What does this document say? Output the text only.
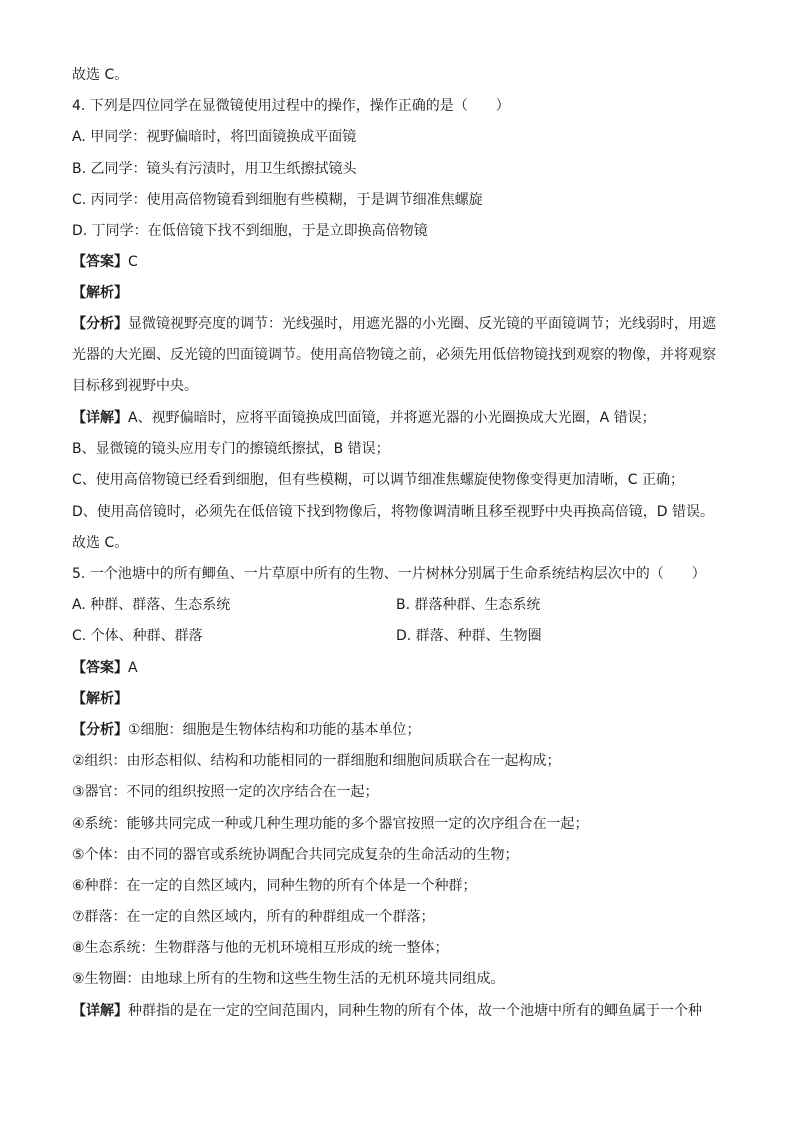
故选 C。
4. 下列是四位同学在显微镜使用过程中的操作，操作正确的是（　　）
A. 甲同学：视野偏暗时，将凹面镜换成平面镜
B. 乙同学：镜头有污渍时，用卫生纸擦拭镜头
C. 丙同学：使用高倍物镜看到细胞有些模糊，于是调节细准焦螺旋
D. 丁同学：在低倍镜下找不到细胞，于是立即换高倍物镜
【答案】C
【解析】
【分析】显微镜视野亮度的调节：光线强时，用遮光器的小光圈、反光镜的平面镜调节；光线弱时，用遮光器的大光圈、反光镜的凹面镜调节。使用高倍物镜之前，必须先用低倍物镜找到观察的物像，并将观察目标移到视野中央。
【详解】A、视野偏暗时，应将平面镜换成凹面镜，并将遮光器的小光圈换成大光圈，A 错误；
B、显微镜的镜头应用专门的擦镜纸擦拭，B 错误；
C、使用高倍物镜已经看到细胞，但有些模糊，可以调节细准焦螺旋使物像变得更加清晰，C 正确；
D、使用高倍镜时，必须先在低倍镜下找到物像后，将物像调清晰且移至视野中央再换高倍镜，D 错误。
故选 C。
5. 一个池塘中的所有鲫鱼、一片草原中所有的生物、一片树林分别属于生命系统结构层次中的（　　）
A. 种群、群落、生态系统	B. 群落种群、生态系统
C. 个体、种群、群落	D. 群落、种群、生物圈
【答案】A
【解析】
【分析】①细胞：细胞是生物体结构和功能的基本单位；
②组织：由形态相似、结构和功能相同的一群细胞和细胞间质联合在一起构成；
③器官：不同的组织按照一定的次序结合在一起；
④系统：能够共同完成一种或几种生理功能的多个器官按照一定的次序组合在一起；
⑤个体：由不同的器官或系统协调配合共同完成复杂的生命活动的生物；
⑥种群：在一定的自然区域内，同种生物的所有个体是一个种群；
⑦群落：在一定的自然区域内，所有的种群组成一个群落；
⑧生态系统：生物群落与他的无机环境相互形成的统一整体；
⑨生物圈：由地球上所有的生物和这些生物生活的无机环境共同组成。
【详解】种群指的是在一定的空间范围内，同种生物的所有个体，故一个池塘中所有的鲫鱼属于一个种
